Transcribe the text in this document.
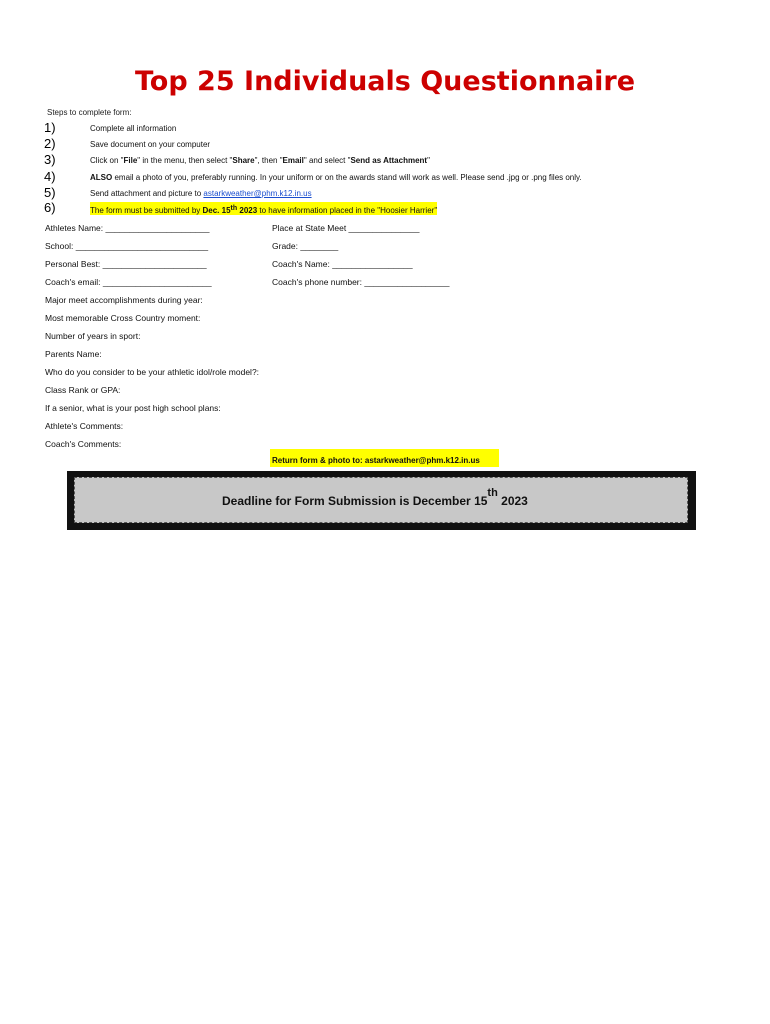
Top 25 Individuals Questionnaire
Steps to complete form:
1)	Complete all information
2)	Save document on your computer
3)	Click on "File" in the menu, then select "Share", then "Email" and select "Send as Attachment"
4)	ALSO email a photo of you, preferably running. In your uniform or on the awards stand will work as well. Please send .jpg or .png files only.
5)	Send attachment and picture to astarkweather@phm.k12.in.us
6)	The form must be submitted by Dec. 15th 2023 to have information placed in the "Hoosier Harrier"
Athletes Name: ______________________	Place at State Meet _______________
School: ____________________________	Grade: ________
Personal Best: ______________________	Coach's Name: _________________
Coach's email: _______________________	Coach's phone number: __________________
Major meet accomplishments during year:
Most memorable Cross Country moment:
Number of years in sport:
Parents Name:
Who do you consider to be your athletic idol/role model?:
Class Rank or GPA:
If a senior, what is your post high school plans:
Athlete's Comments:
Coach's Comments:
Return form & photo to: astarkweather@phm.k12.in.us
Deadline for Form Submission is December 15th 2023
